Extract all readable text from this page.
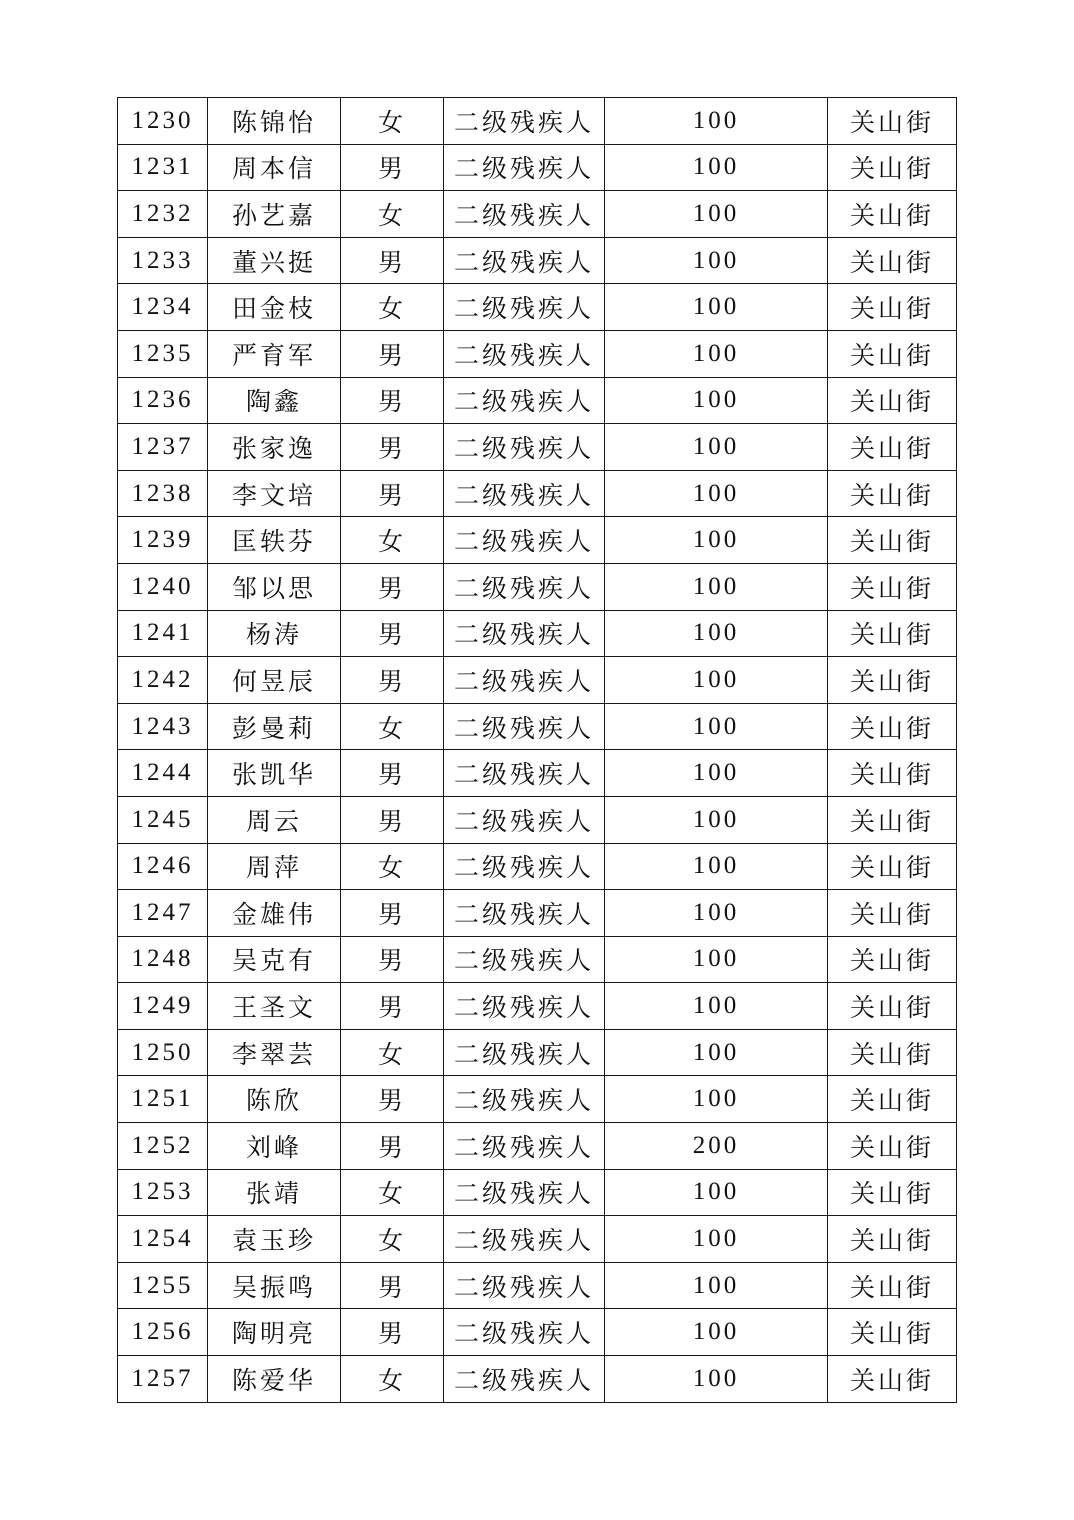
1230	陈锦怡	女	二级残疾人	100	关山街
1231	周本信	男	二级残疾人	100	关山街
1232	孙艺嘉	女	二级残疾人	100	关山街
1233	董兴挺	男	二级残疾人	100	关山街
1234	田金枝	女	二级残疾人	100	关山街
1235	严育军	男	二级残疾人	100	关山街
1236	陶鑫	男	二级残疾人	100	关山街
1237	张家逸	男	二级残疾人	100	关山街
1238	李文培	男	二级残疾人	100	关山街
1239	匡轶芬	女	二级残疾人	100	关山街
1240	邹以思	男	二级残疾人	100	关山街
1241	杨涛	男	二级残疾人	100	关山街
1242	何昱辰	男	二级残疾人	100	关山街
1243	彭曼莉	女	二级残疾人	100	关山街
1244	张凯华	男	二级残疾人	100	关山街
1245	周云	男	二级残疾人	100	关山街
1246	周萍	女	二级残疾人	100	关山街
1247	金雄伟	男	二级残疾人	100	关山街
1248	吴克有	男	二级残疾人	100	关山街
1249	王圣文	男	二级残疾人	100	关山街
1250	李翠芸	女	二级残疾人	100	关山街
1251	陈欣	男	二级残疾人	100	关山街
1252	刘峰	男	二级残疾人	200	关山街
1253	张靖	女	二级残疾人	100	关山街
1254	袁玉珍	女	二级残疾人	100	关山街
1255	吴振鸣	男	二级残疾人	100	关山街
1256	陶明亮	男	二级残疾人	100	关山街
1257	陈爱华	女	二级残疾人	100	关山街
